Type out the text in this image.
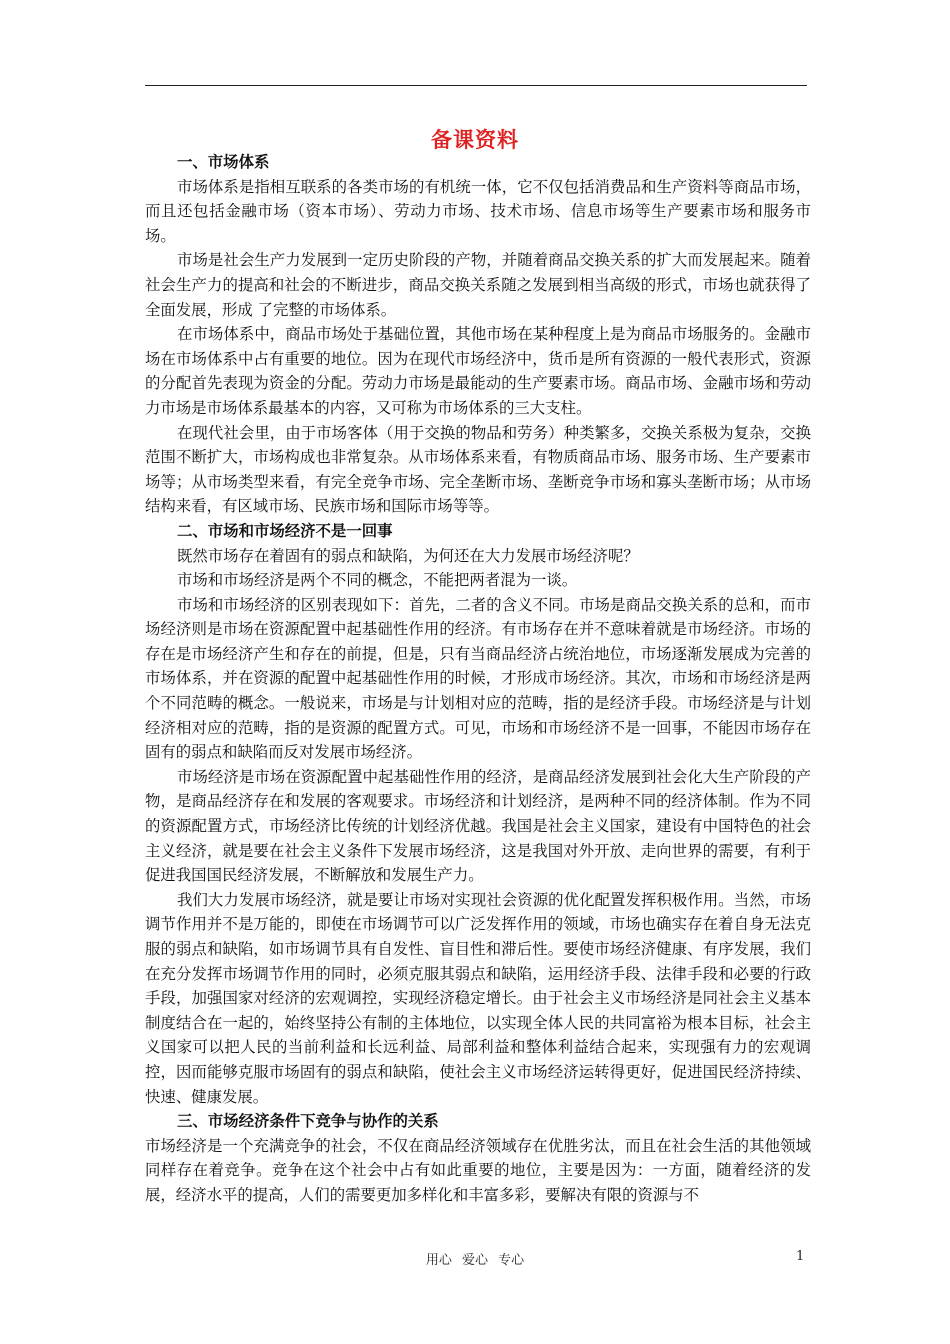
备课资料

一、市场体系

市场体系是指相互联系的各类市场的有机统一体，它不仅包括消费品和生产资料等商品市场，而且还包括金融市场（资本市场）、劳动力市场、技术市场、信息市场等生产要素市场和服务市场。

市场是社会生产力发展到一定历史阶段的产物，并随着商品交换关系的扩大而发展起来。随着社会生产力的提高和社会的不断进步，商品交换关系随之发展到相当高级的形式，市场也就获得了全面发展，形成 了完整的市场体系。

在市场体系中，商品市场处于基础位置，其他市场在某种程度上是为商品市场服务的。金融市场在市场体系中占有重要的地位。因为在现代市场经济中，货币是所有资源的一般代表形式，资源的分配首先表现为资金的分配。劳动力市场是最能动的生产要素市场。商品市场、金融市场和劳动力市场是市场体系最基本的内容，又可称为市场体系的三大支柱。

在现代社会里，由于市场客体（用于交换的物品和劳务）种类繁多，交换关系极为复杂，交换范围不断扩大，市场构成也非常复杂。从市场体系来看，有物质商品市场、服务市场、生产要素市场等；从市场类型来看，有完全竞争市场、完全垄断市场、垄断竞争市场和寡头垄断市场；从市场结构来看，有区域市场、民族市场和国际市场等等。

二、市场和市场经济不是一回事

既然市场存在着固有的弱点和缺陷，为何还在大力发展市场经济呢？

市场和市场经济是两个不同的概念，不能把两者混为一谈。

市场和市场经济的区别表现如下：首先，二者的含义不同。市场是商品交换关系的总和，而市场经济则是市场在资源配置中起基础性作用的经济。有市场存在并不意味着就是市场经济。市场的存在是市场经济产生和存在的前提，但是，只有当商品经济占统治地位，市场逐渐发展成为完善的市场体系，并在资源的配置中起基础性作用的时候，才形成市场经济。其次，市场和市场经济是两个不同范畴的概念。一般说来，市场是与计划相对应的范畴，指的是经济手段。市场经济是与计划经济相对应的范畴，指的是资源的配置方式。可见，市场和市场经济不是一回事，不能因市场存在固有的弱点和缺陷而反对发展市场经济。

市场经济是市场在资源配置中起基础性作用的经济，是商品经济发展到社会化大生产阶段的产物，是商品经济存在和发展的客观要求。市场经济和计划经济，是两种不同的经济体制。作为不同的资源配置方式，市场经济比传统的计划经济优越。我国是社会主义国家，建设有中国特色的社会主义经济，就是要在社会主义条件下发展市场经济，这是我国对外开放、走向世界的需要，有利于促进我国国民经济发展，不断解放和发展生产力。

我们大力发展市场经济，就是要让市场对实现社会资源的优化配置发挥积极作用。当然，市场调节作用并不是万能的，即使在市场调节可以广泛发挥作用的领域，市场也确实存在着自身无法克服的弱点和缺陷，如市场调节具有自发性、盲目性和滞后性。要使市场经济健康、有序发展，我们在充分发挥市场调节作用的同时，必须克服其弱点和缺陷，运用经济手段、法律手段和必要的行政手段，加强国家对经济的宏观调控，实现经济稳定增长。由于社会主义市场经济是同社会主义基本制度结合在一起的，始终坚持公有制的主体地位，以实现全体人民的共同富裕为根本目标，社会主义国家可以把人民的当前利益和长远利益、局部利益和整体利益结合起来，实现强有力的宏观调控，因而能够克服市场固有的弱点和缺陷，使社会主义市场经济运转得更好，促进国民经济持续、快速、健康发展。

三、市场经济条件下竞争与协作的关系

市场经济是一个充满竞争的社会，不仅在商品经济领域存在优胜劣汰，而且在社会生活的其他领域同样存在着竞争。竞争在这个社会中占有如此重要的地位，主要是因为：一方面，随着经济的发展，经济水平的提高，人们的需要更加多样化和丰富多彩，要解决有限的资源与不

用心 爱心 专心	1
